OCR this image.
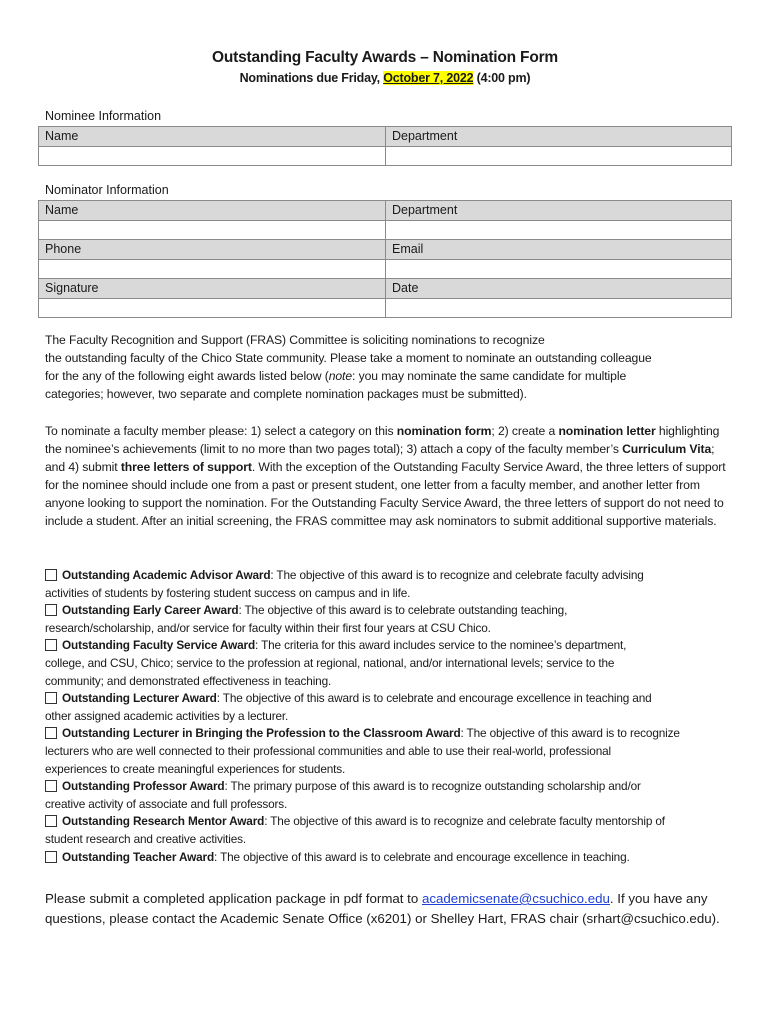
Outstanding Faculty Awards – Nomination Form
Nominations due Friday, October 7, 2022 (4:00 pm)
Nominee Information
Name	Department

Nominator Information
Name	Department

Phone	Email

Signature	Date

The Faculty Recognition and Support (FRAS) Committee is soliciting nominations to recognize
the outstanding faculty of the Chico State community. Please take a moment to nominate an outstanding colleague
for the any of the following eight awards listed below (note: you may nominate the same candidate for multiple
categories; however, two separate and complete nomination packages must be submitted).
To nominate a faculty member please: 1) select a category on this nomination form; 2) create a nomination letter highlighting the nominee’s achievements (limit to no more than two pages total); 3) attach a copy of the faculty member’s Curriculum Vita; and 4) submit three letters of support. With the exception of the Outstanding Faculty Service Award, the three letters of support for the nominee should include one from a past or present student, one letter from a faculty member, and another letter from anyone looking to support the nomination. For the Outstanding Faculty Service Award, the three letters of support do not need to include a student. After an initial screening, the FRAS committee may ask nominators to submit additional supportive materials.
Outstanding Academic Advisor Award: The objective of this award is to recognize and celebrate faculty advising
activities of students by fostering student success on campus and in life.
Outstanding Early Career Award: The objective of this award is to celebrate outstanding teaching,
research/scholarship, and/or service for faculty within their first four years at CSU Chico.
Outstanding Faculty Service Award: The criteria for this award includes service to the nominee’s department,
college, and CSU, Chico; service to the profession at regional, national, and/or international levels; service to the
community; and demonstrated effectiveness in teaching.
Outstanding Lecturer Award: The objective of this award is to celebrate and encourage excellence in teaching and
other assigned academic activities by a lecturer.
Outstanding Lecturer in Bringing the Profession to the Classroom Award: The objective of this award is to recognize
lecturers who are well connected to their professional communities and able to use their real-world, professional
experiences to create meaningful experiences for students.
Outstanding Professor Award: The primary purpose of this award is to recognize outstanding scholarship and/or
creative activity of associate and full professors.
Outstanding Research Mentor Award: The objective of this award is to recognize and celebrate faculty mentorship of
student research and creative activities.
Outstanding Teacher Award: The objective of this award is to celebrate and encourage excellence in teaching.
Please submit a completed application package in pdf format to academicsenate@csuchico.edu. If you have any questions, please contact the Academic Senate Office (x6201) or Shelley Hart, FRAS chair (srhart@csuchico.edu).
